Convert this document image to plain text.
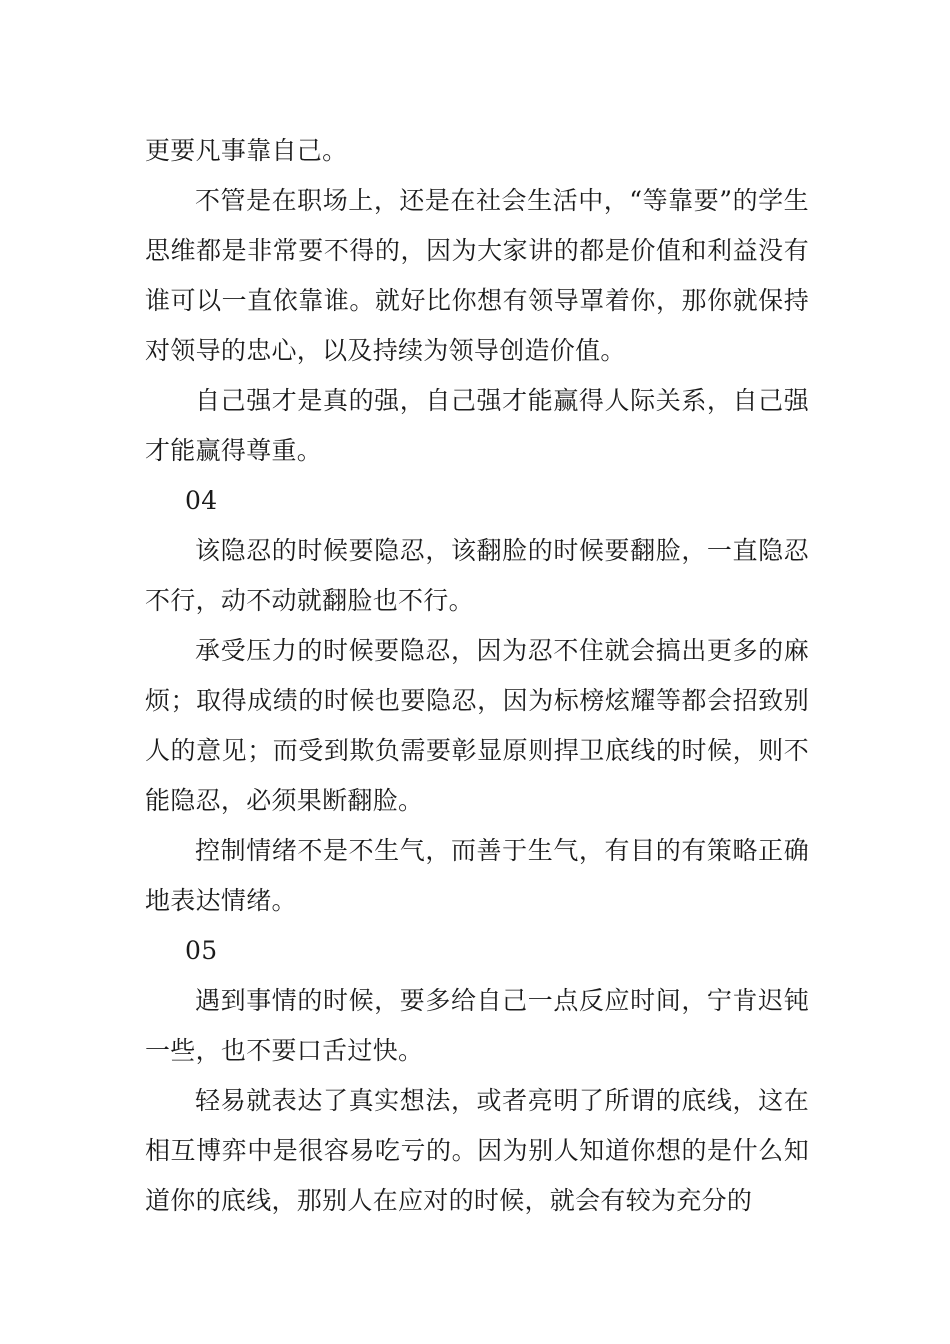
更要凡事靠自己。

不管是在职场上，还是在社会生活中，“等靠要”的学生思维都是非常要不得的，因为大家讲的都是价值和利益没有谁可以一直依靠谁。就好比你想有领导罩着你，那你就保持对领导的忠心，以及持续为领导创造价值。

自己强才是真的强，自己强才能赢得人际关系，自己强才能赢得尊重。

04

该隐忍的时候要隐忍，该翻脸的时候要翻脸，一直隐忍不行，动不动就翻脸也不行。

承受压力的时候要隐忍，因为忍不住就会搞出更多的麻烦；取得成绩的时候也要隐忍，因为标榜炫耀等都会招致别人的意见；而受到欺负需要彰显原则捍卫底线的时候，则不能隐忍，必须果断翻脸。

控制情绪不是不生气，而善于生气，有目的有策略正确地表达情绪。

05

遇到事情的时候，要多给自己一点反应时间，宁肯迟钝一些，也不要口舌过快。

轻易就表达了真实想法，或者亮明了所谓的底线，这在相互博弈中是很容易吃亏的。因为别人知道你想的是什么知道你的底线，那别人在应对的时候，就会有较为充分的
